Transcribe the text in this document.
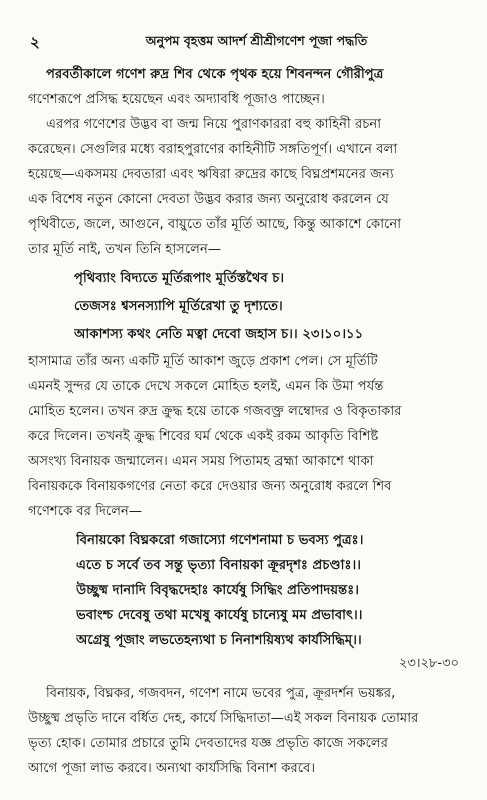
২	অনুপম বৃহত্তম আদর্শ শ্রীশ্রীগণেশ পূজা পদ্ধতি

পরবর্তীকালে গণেশ রুদ্র শিব থেকে পৃথক হয়ে শিবনন্দন গৌরীপুত্র
গণেশরূপে প্রসিদ্ধ হয়েছেন এবং অদ্যাবধি পূজাও পাচ্ছেন।

এরপর গণেশের উদ্ভব বা জন্ম নিয়ে পুরাণকাররা বহু কাহিনী রচনা
করেছেন। সেগুলির মধ্যে বরাহপুরাণের কাহিনীটি সঙ্গতিপূর্ণ। এখানে বলা
হয়েছে—একসময় দেবতারা এবং ঋষিরা রুদ্রের কাছে বিঘ্নপ্রশমনের জন্য
এক বিশেষ নতুন কোনো দেবতা উদ্ভব করার জন্য অনুরোধ করলেন যে
পৃথিবীতে, জলে, আগুনে, বায়ুতে তাঁর মূর্তি আছে, কিন্তু আকাশে কোনো
তার মূর্তি নাই, তখন তিনি হাসলেন—

পৃথিব্যাং বিদ্যতে মূর্তিরূপাং মূর্তিস্তথৈব চ।
তেজসঃ শ্বসনস্যাপি মূর্তিরেখা তু দৃশ্যতে।
আকাশস্য কথং নেতি মত্বা দেবো জহাস চ।। ২৩।১০।১১

হাসামাত্র তাঁর অন্য একটি মূর্তি আকাশ জুড়ে প্রকাশ পেল। সে মূর্তিটি
এমনই সুন্দর যে তাকে দেখে সকলে মোহিত হলই, এমন কি উমা পর্যন্ত
মোহিত হলেন। তখন রুদ্র ক্রুদ্ধ হয়ে তাকে গজবক্ত্র লম্বোদর ও বিকৃতাকার
করে দিলেন। তখনই ক্রুদ্ধ শিবের ঘর্ম থেকে একই রকম আকৃতি বিশিষ্ট
অসংখ্য বিনায়ক জন্মালেন। এমন সময় পিতামহ ব্রহ্মা আকাশে থাকা
বিনায়ককে বিনায়কগণের নেতা করে দেওয়ার জন্য অনুরোধ করলে শিব
গণেশকে বর দিলেন—

বিনায়কো বিঘ্নকরো গজাস্যো গণেশনামা চ ভবস্য পুত্রঃ।
এতে চ সর্বে তব সন্তু ভৃত্যা বিনায়কা ক্রূরদৃশঃ প্রচণ্ডাঃ।।
উচ্ছুষ্ম দানাদি বিবৃদ্ধদেহাঃ কার্যেষু সিদ্ধিং প্রতিপাদয়ন্তঃ।
ভবাংশ্চ দেবেষু তথা মখেষু কার্যেষু চান্যেষু মম প্রভাবাৎ।।
অগ্রেষু পূজাং লভতেহন্যথা চ নিনাশয়িষ্যথ কার্যসিদ্ধিম্।।
২৩।২৮-৩০

বিনায়ক, বিঘ্নকর, গজবদন, গণেশ নামে ভবের পুত্র, ক্রূরদর্শন ভয়ঙ্কর,
উচ্ছুষ্ম প্রভৃতি দানে বর্ধিত দেহ, কার্যে সিদ্ধিদাতা—এই সকল বিনায়ক তোমার
ভৃত্য হোক। তোমার প্রচারে তুমি দেবতাদের যজ্ঞ প্রভৃতি কাজে সকলের
আগে পূজা লাভ করবে। অন্যথা কার্যসিদ্ধি বিনাশ করবে।
